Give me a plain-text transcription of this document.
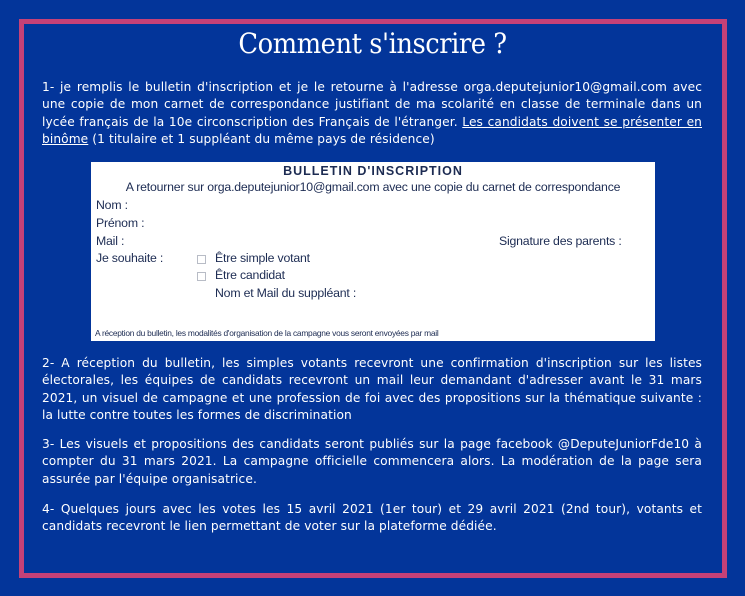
Comment s'inscrire ?
1- je remplis le bulletin d'inscription et je le retourne à l'adresse orga.deputejunior10@gmail.com avec une copie de mon carnet de correspondance justifiant de ma scolarité en classe de terminale dans un lycée français de la 10e circonscription des Français de l'étranger. Les candidats doivent se présenter en binôme (1 titulaire et 1 suppléant du même pays de résidence)
BULLETIN D'INSCRIPTION
A retourner sur orga.deputejunior10@gmail.com avec une copie du carnet de correspondance
Nom :
Prénom :
Mail :	Signature des parents :
Je souhaite :	Être simple votant
Être candidat
Nom et Mail du suppléant :
A réception du bulletin, les modalités d'organisation de la campagne vous seront envoyées par mail
2- A réception du bulletin, les simples votants recevront une confirmation d'inscription sur les listes électorales, les équipes de candidats recevront un mail leur demandant d'adresser avant le 31 mars 2021, un visuel de campagne et une profession de foi avec des propositions sur la thématique suivante : la lutte contre toutes les formes de discrimination
3- Les visuels et propositions des candidats seront publiés sur la page facebook @DeputeJuniorFde10 à compter du 31 mars 2021. La campagne officielle commencera alors. La modération de la page sera assurée par l'équipe organisatrice.
4- Quelques jours avec les votes les 15 avril 2021 (1er tour) et 29 avril 2021 (2nd tour), votants et candidats recevront le lien permettant de voter sur la plateforme dédiée.
